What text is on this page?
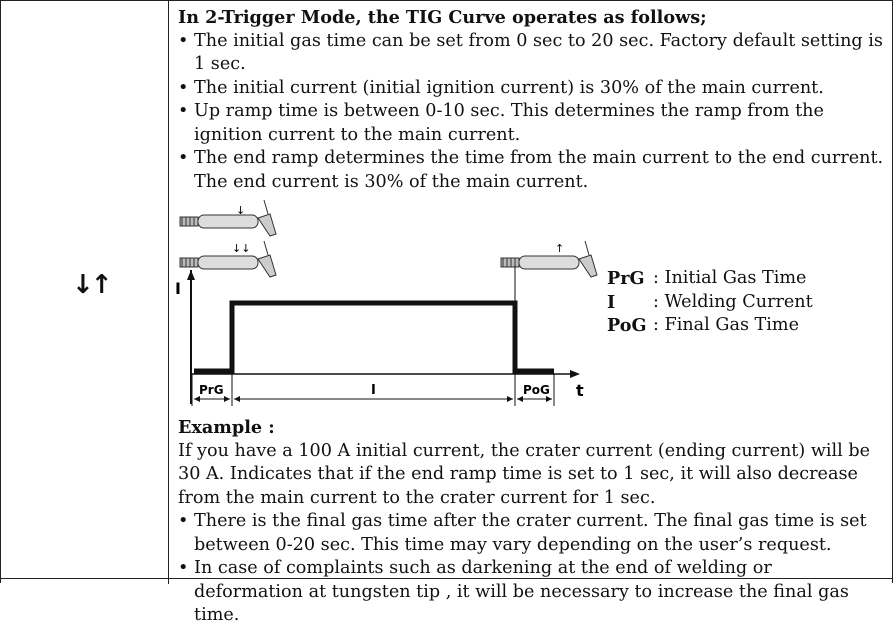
↓↑

In 2-Trigger Mode, the TIG Curve operates as follows;

• The initial gas time can be set from 0 sec to 20 sec. Factory default setting is 1 sec.
• The initial current (initial ignition current) is 30% of the main current.
• Up ramp time is between 0-10 sec. This determines the ramp from the ignition current to the main current.
• The end ramp determines the time from the main current to the end current. The end current is 30% of the main current.
↓
↓↓	↑
I
t
PrG	I	PoG
PrG : Initial Gas Time
I	: Welding Current
PoG : Final Gas Time

Example :

If you have a 100 A initial current, the crater current (ending current) will be 30 A. Indicates that if the end ramp time is set to 1 sec, it will also decrease from the main current to the crater current for 1 sec.

• There is the final gas time after the crater current. The final gas time is set between 0-20 sec. This time may vary depending on the user’s request.
• In case of complaints such as darkening at the end of welding or deformation at tungsten tip , it will be necessary to increase the final gas time.
